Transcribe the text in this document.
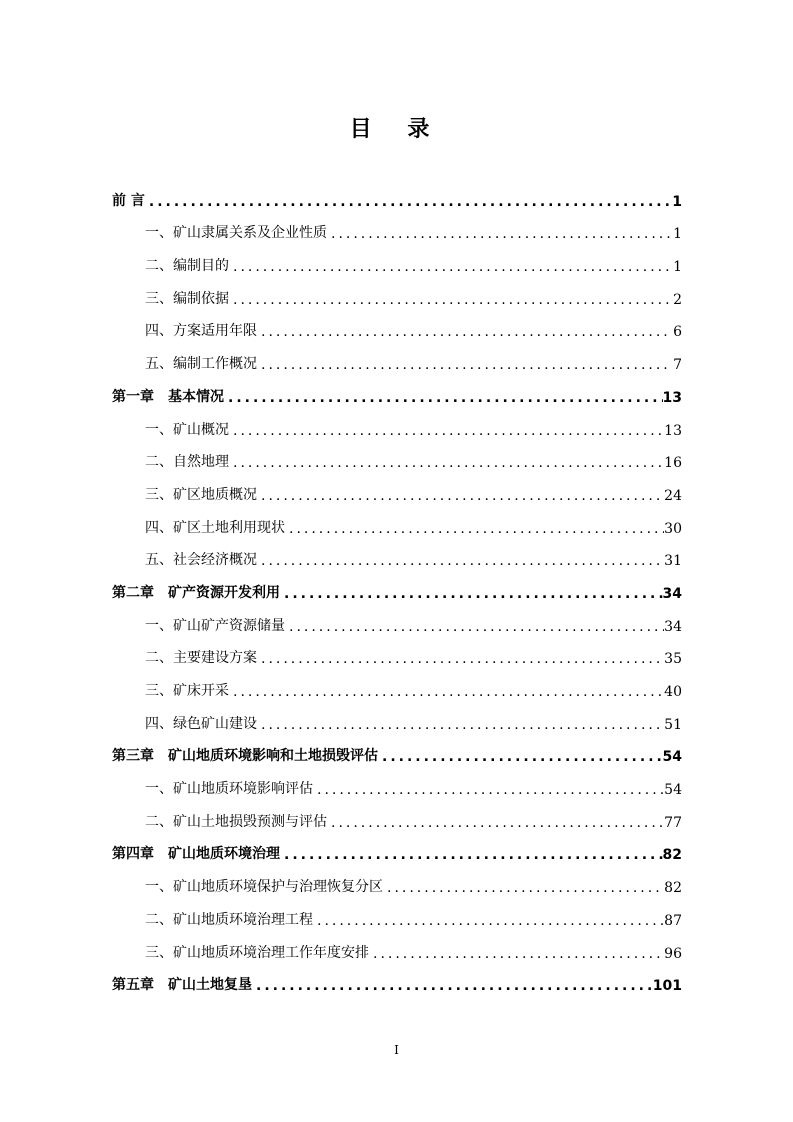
目 录
前 言 .....	1
一、矿山隶属关系及企业性质 .....	1
二、编制目的 .....	1
三、编制依据 .....	2
四、方案适用年限 .....	6
五、编制工作概况 .....	7
第一章 基本情况 .....	13
一、矿山概况 .....	13
二、自然地理 .....	16
三、矿区地质概况 .....	24
四、矿区土地利用现状 .....	30
五、社会经济概况 .....	31
第二章 矿产资源开发利用 .....	34
一、矿山矿产资源储量 .....	34
二、主要建设方案 .....	35
三、矿床开采 .....	40
四、绿色矿山建设 .....	51
第三章 矿山地质环境影响和土地损毁评估 .....	54
一、矿山地质环境影响评估 .....	54
二、矿山土地损毁预测与评估 .....	77
第四章 矿山地质环境治理 .....	82
一、矿山地质环境保护与治理恢复分区 .....	82
二、矿山地质环境治理工程 .....	87
三、矿山地质环境治理工作年度安排 .....	96
第五章 矿山土地复垦 .....	101
I
